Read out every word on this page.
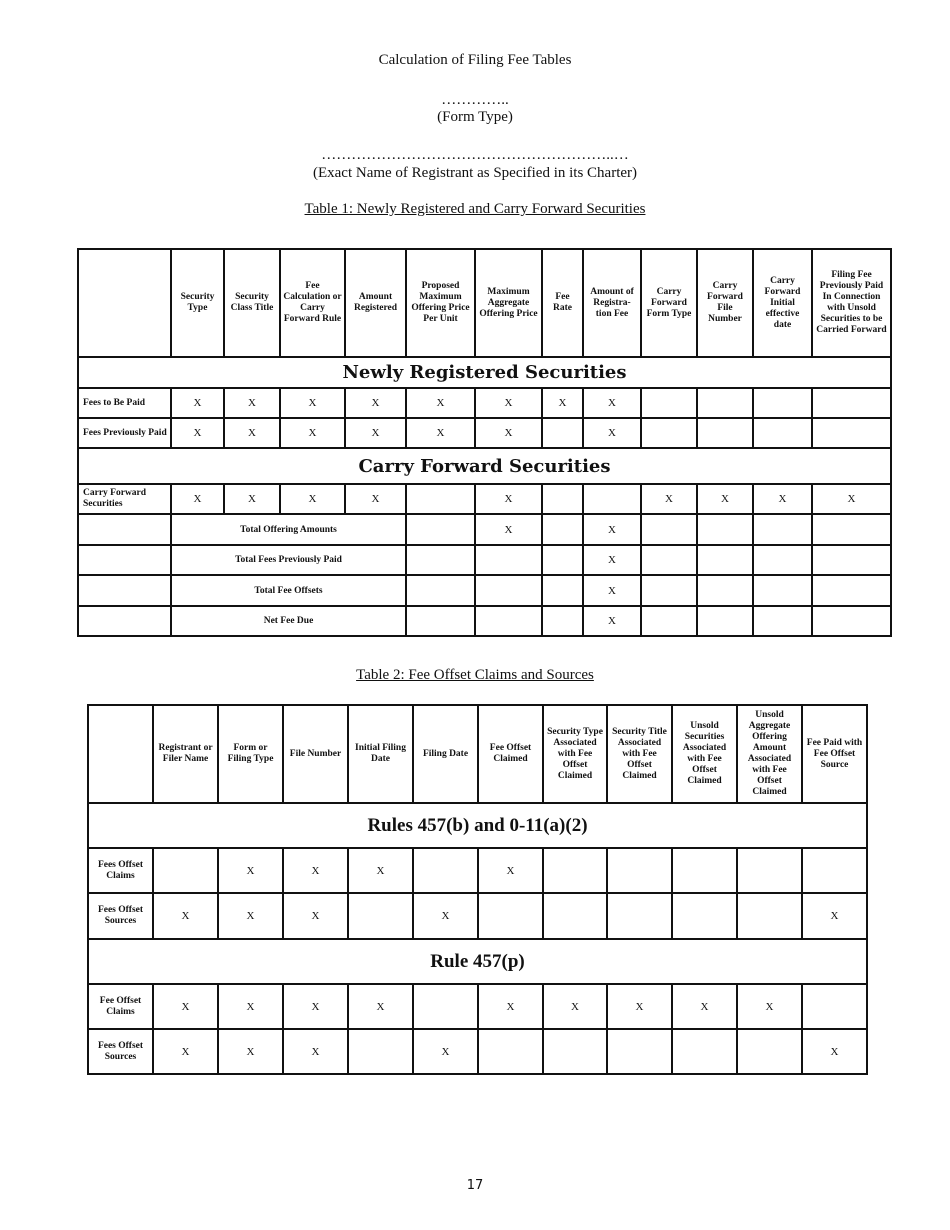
Calculation of Filing Fee Tables
…………..
(Form Type)
…………………………………………………..…
(Exact Name of Registrant as Specified in its Charter)
Table 1: Newly Registered and Carry Forward Securities
	Security Type	Security Class Title	Fee Calculation or Carry Forward Rule	Amount Registered	Proposed Maximum Offering Price Per Unit	Maximum Aggregate Offering Price	Fee Rate	Amount of Registra-tion Fee	Carry Forward Form Type	Carry Forward File Number	Carry Forward Initial effective date	Filing Fee Previously Paid In Connection with Unsold Securities to be Carried Forward
Newly Registered Securities												
Fees to Be Paid	X	X	X	X	X	X	X	X				
Fees Previously Paid	X	X	X	X	X	X		X				
Carry Forward Securities												
Carry Forward Securities	X	X	X	X		X			X	X	X	X
	Total Offering Amounts					X		X				
	Total Fees Previously Paid							X				
	Total Fee Offsets							X				
	Net Fee Due							X				
Table 2: Fee Offset Claims and Sources
	Registrant or Filer Name	Form or Filing Type	File Number	Initial Filing Date	Filing Date	Fee Offset Claimed	Security Type Associated with Fee Offset Claimed	Security Title Associated with Fee Offset Claimed	Unsold Securities Associated with Fee Offset Claimed	Unsold Aggregate Offering Amount Associated with Fee Offset Claimed	Fee Paid with Fee Offset Source
Rules 457(b) and 0-11(a)(2)											
Fees Offset Claims		X	X	X		X					
Fees Offset Sources	X	X	X		X						X
Rule 457(p)											
Fee Offset Claims	X	X	X	X		X	X	X	X	X	
Fees Offset Sources	X	X	X		X						X
17
